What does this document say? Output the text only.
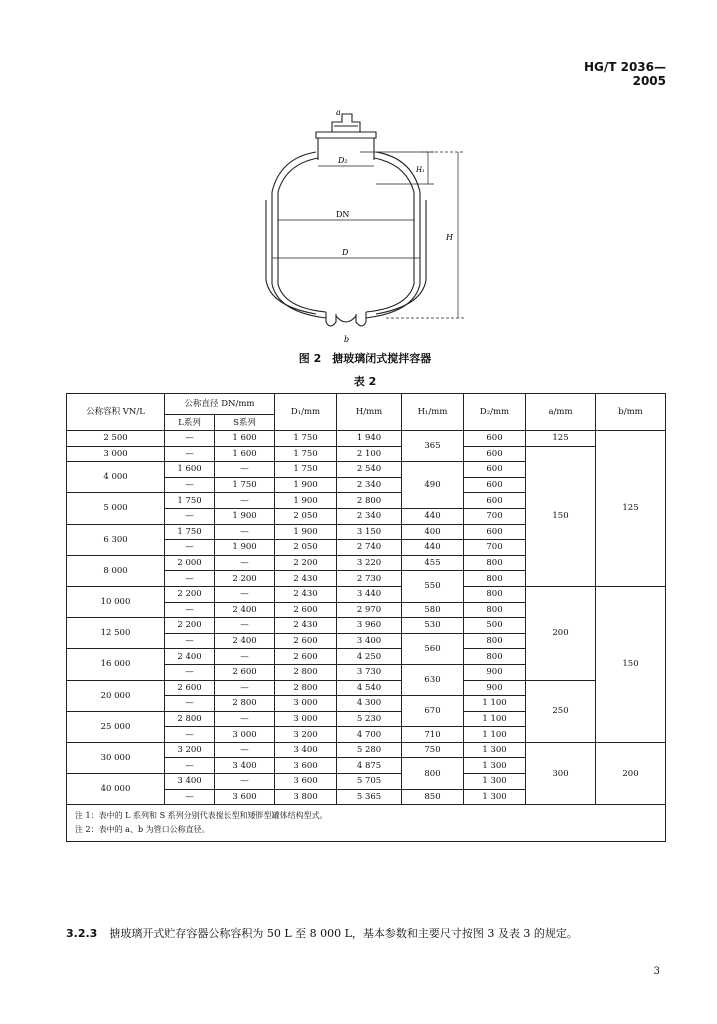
HG/T 2036—2005
a
D₂
DN
D
H₁
H
b
图 2　搪玻璃闭式搅拌容器
表 2
公称容积 VN/L	公称直径 DN/mm		D₁/mm	H/mm	H₁/mm	D₂/mm	a/mm	b/mm
	L系列	S系列						
2 500	—	1 600	1 750	1 940	365	600	125	125
3 000	—	1 600	1 750	2 100		600	150	
4 000	1 600	—	1 750	2 540	490	600		
	—	1 750	1 900	2 340		600		
5 000	1 750	—	1 900	2 800		600		
	—	1 900	2 050	2 340	440	700		
6 300	1 750	—	1 900	3 150	400	600		
	—	1 900	2 050	2 740	440	700		
8 000	2 000	—	2 200	3 220	455	800		
	—	2 200	2 430	2 730	550	800		
10 000	2 200	—	2 430	3 440		800	200	150
	—	2 400	2 600	2 970	580	800		
12 500	2 200	—	2 430	3 960	530	500		
	—	2 400	2 600	3 400	560	800		
16 000	2 400	—	2 600	4 250		800		
	—	2 600	2 800	3 730	630	900		
20 000	2 600	—	2 800	4 540		900	250	
	—	2 800	3 000	4 300	670	1 100		
25 000	2 800	—	3 000	5 230		1 100		
	—	3 000	3 200	4 700	710	1 100		
30 000	3 200	—	3 400	5 280	750	1 300	300	200
	—	3 400	3 600	4 875	800	1 300		
40 000	3 400	—	3 600	5 705		1 300		
	—	3 600	3 800	5 365	850	1 300		

注 1：表中的 L 系列和 S 系列分别代表搅长型和矮胖型罐体结构型式。
注 2：表中的 a、b 为管口公称直径。								
3.2.3 搪玻璃开式贮存容器公称容积为 50 L 至 8 000 L，基本参数和主要尺寸按图 3 及表 3 的规定。
3
